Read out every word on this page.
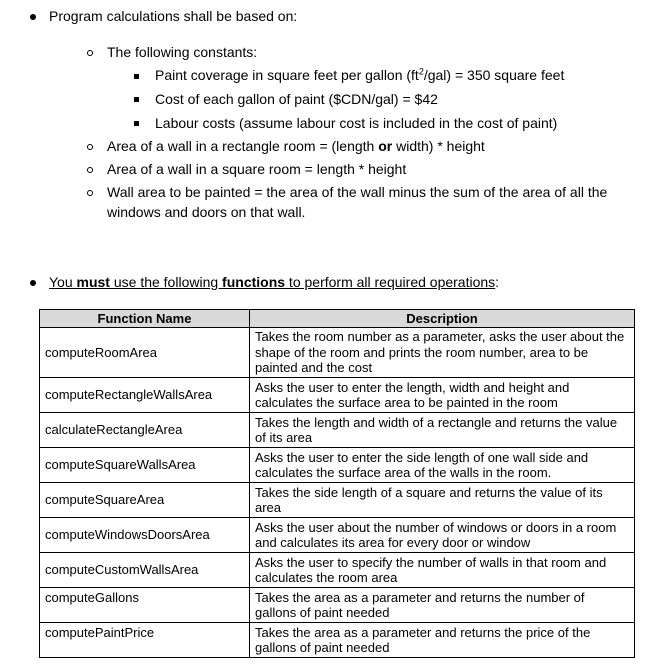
Program calculations shall be based on:
The following constants:
Paint coverage in square feet per gallon $(ft^2/gal) = 350$ square feet
Cost of each gallon of paint ($CDN/gal) = $42
Labour costs (assume labour cost is included in the cost of paint)
Area of a wall in a rectangle room = (length or width) * height
Area of a wall in a square room = length * height
Wall area to be painted = the area of the wall minus the sum of the area of all the
windows and doors on that wall.
You must use the following functions to perform all required operations:
Function Name	Description
computeRoomArea	Takes the room number as a parameter, asks the user about the shape of the room and prints the room number, area to be painted and the cost
computeRectangleWallsArea	Asks the user to enter the length, width and height and calculates the surface area to be painted in the room
calculateRectangleArea	Takes the length and width of a rectangle and returns the value of its area
computeSquareWallsArea	Asks the user to enter the side length of one wall side and calculates the surface area of the walls in the room.
computeSquareArea	Takes the side length of a square and returns the value of its area
computeWindowsDoorsArea	Asks the user about the number of windows or doors in a room and calculates its area for every door or window
computeCustomWallsArea	Asks the user to specify the number of walls in that room and calculates the room area
computeGallons	Takes the area as a parameter and returns the number of gallons of paint needed
computePaintPrice	Takes the area as a parameter and returns the price of the gallons of paint needed
